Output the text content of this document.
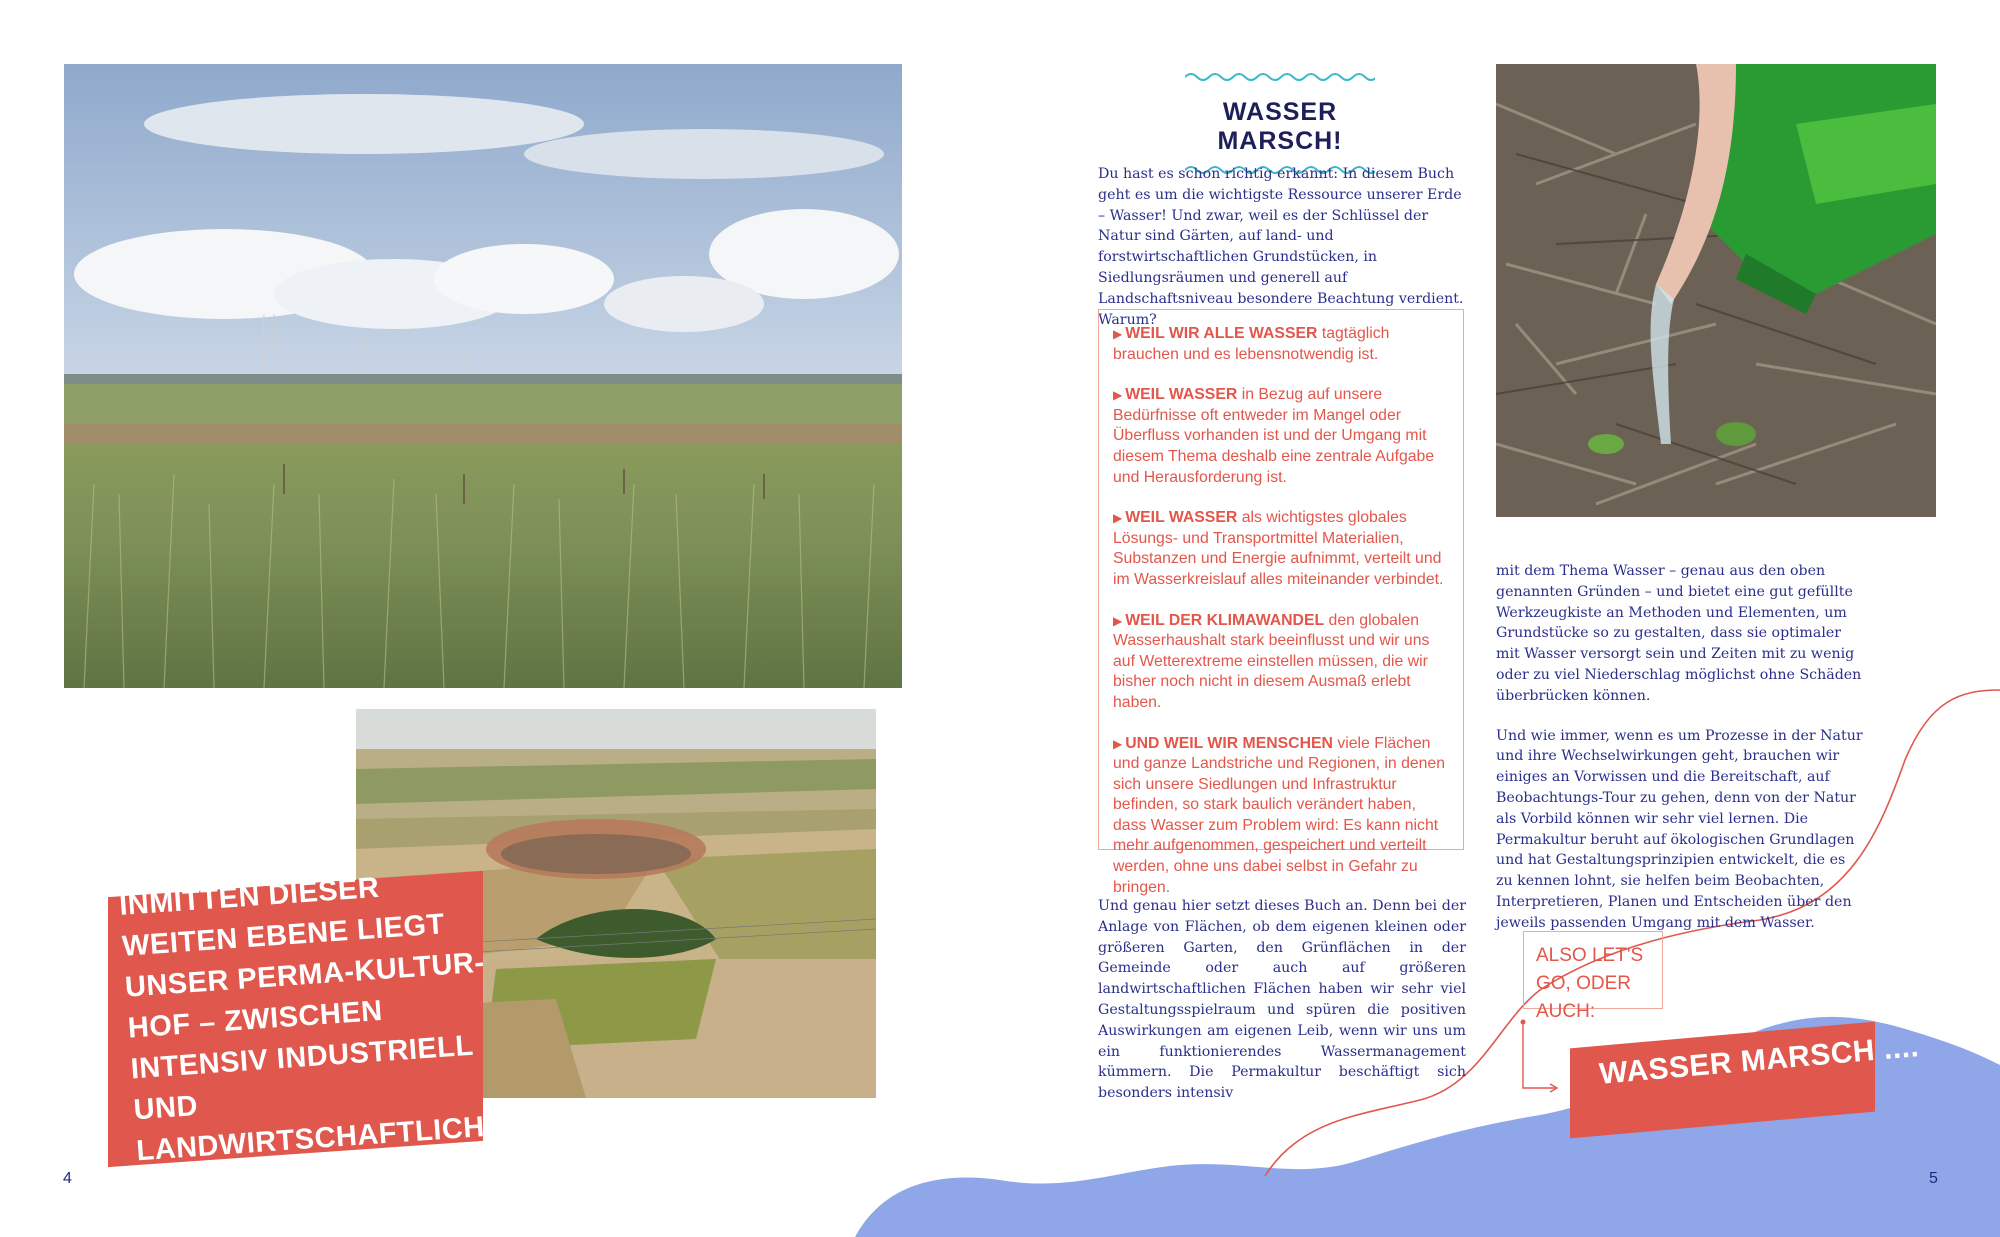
WASSER MARSCH!
Du hast es schon richtig erkannt: In diesem Buch geht es um die wichtigste Ressource unserer Erde – Wasser! Und zwar, weil es der Schlüssel der Natur sind Gärten, auf land- und forstwirtschaftlichen Grundstücken, in Siedlungsräumen und generell auf Landschaftsniveau besondere Beachtung verdient. Warum?
▶ WEIL WIR ALLE WASSER tagtäglich brauchen und es lebensnotwendig ist.
▶ WEIL WASSER in Bezug auf unsere Bedürfnisse oft entweder im Mangel oder Überfluss vorhanden ist und der Umgang mit diesem Thema deshalb eine zentrale Aufgabe und Herausforderung ist.
▶ WEIL WASSER als wichtigstes globales Lösungs- und Transportmittel Materialien, Substanzen und Energie aufnimmt, verteilt und im Wasserkreislauf alles miteinander verbindet.
▶ WEIL DER KLIMAWANDEL den globalen Wasserhaushalt stark beeinflusst und wir uns auf Wetterextreme einstellen müssen, die wir bisher noch nicht in diesem Ausmaß erlebt haben.
▶ UND WEIL WIR MENSCHEN viele Flächen und ganze Landstriche und Regionen, in denen sich unsere Siedlungen und Infrastruktur befinden, so stark baulich verändert haben, dass Wasser zum Problem wird: Es kann nicht mehr aufgenommen, gespeichert und verteilt werden, ohne uns dabei selbst in Gefahr zu bringen.
Und genau hier setzt dieses Buch an. Denn bei der Anlage von Flächen, ob dem eigenen kleinen oder größeren Garten, den Grünflächen in der Gemeinde oder auch auf größeren landwirtschaftlichen Flächen haben wir sehr viel Gestaltungsspielraum und spüren die positiven Auswirkungen am eigenen Leib, wenn wir uns um ein funktionierendes Wassermanagement kümmern. Die Permakultur beschäftigt sich besonders intensiv

mit dem Thema Wasser – genau aus den oben genannten Gründen – und bietet eine gut gefüllte Werkzeugkiste an Methoden und Elementen, um Grundstücke so zu gestalten, dass sie optimaler mit Wasser versorgt sein und Zeiten mit zu wenig oder zu viel Niederschlag möglichst ohne Schäden überbrücken können.

Und wie immer, wenn es um Prozesse in der Natur und ihre Wechselwirkungen geht, brauchen wir einiges an Vorwissen und die Bereitschaft, auf Beobachtungs-Tour zu gehen, denn von der Natur als Vorbild können wir sehr viel lernen. Die Permakultur beruht auf ökologischen Grundlagen und hat Gestaltungsprinzipien entwickelt, die es zu kennen lohnt, sie helfen beim Beobachten, Interpretieren, Planen und Entscheiden über den jeweils passenden Umgang mit dem Wasser.

INMITTEN DIESER WEITEN EBENE LIEGT UNSER PERMA-KULTUR-HOF – ZWISCHEN INTENSIV INDUSTRIELL UND LANDWIRTSCHAFTLICH GENUTZTEN FLÄCHEN.
ALSO LET'S GO, ODER AUCH:
WASSER MARSCH ....
4	5
